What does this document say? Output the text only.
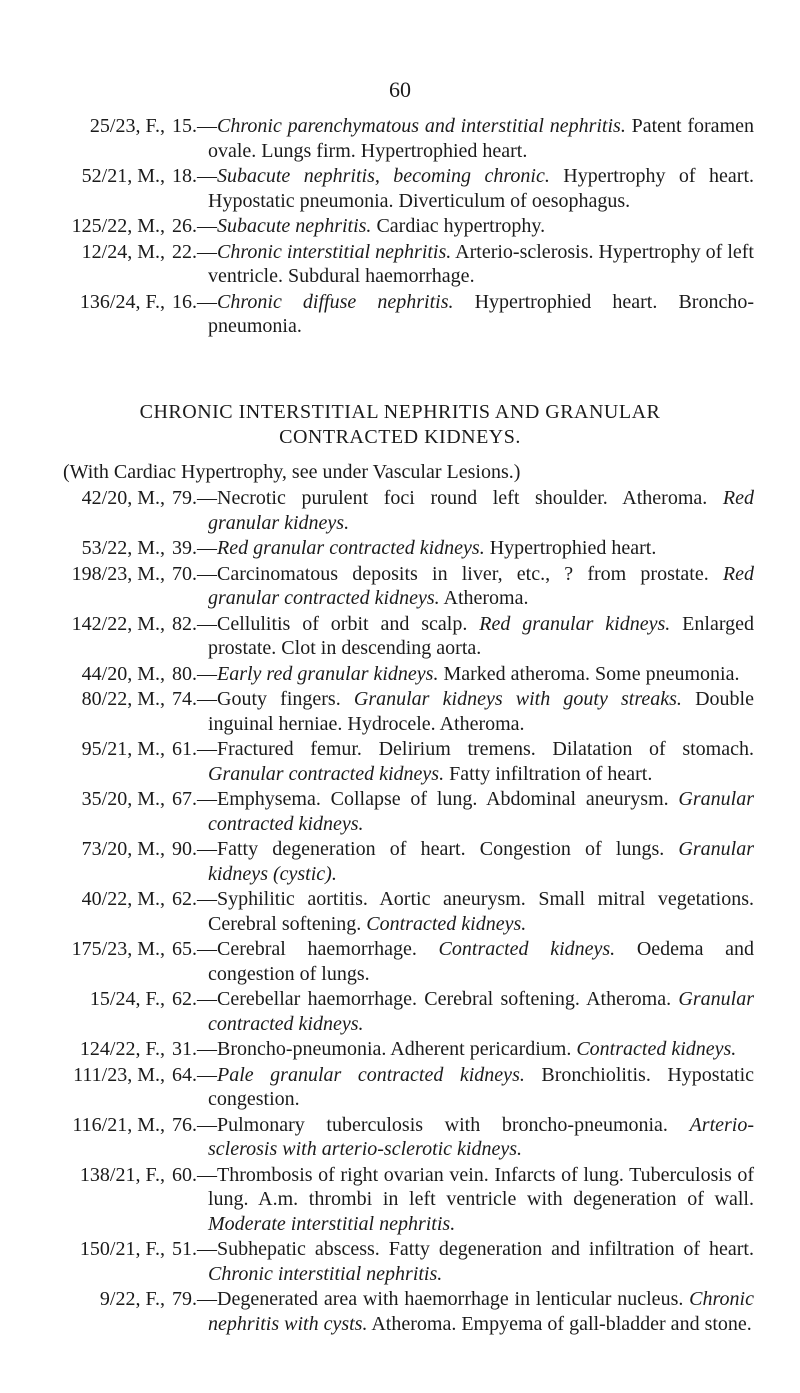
60
25/23, F., 15.—Chronic parenchymatous and interstitial nephritis. Patent foramen ovale. Lungs firm. Hypertrophied heart.
52/21, M., 18.—Subacute nephritis, becoming chronic. Hypertrophy of heart. Hypostatic pneumonia. Diverticulum of oesophagus.
125/22, M., 26.—Subacute nephritis. Cardiac hypertrophy.
12/24, M., 22.—Chronic interstitial nephritis. Arterio-sclerosis. Hypertrophy of left ventricle. Subdural haemorrhage.
136/24, F., 16.—Chronic diffuse nephritis. Hypertrophied heart. Broncho-pneumonia.

CHRONIC INTERSTITIAL NEPHRITIS AND GRANULAR

CONTRACTED KIDNEYS.

(With Cardiac Hypertrophy, see under Vascular Lesions.)
42/20, M., 79.—Necrotic purulent foci round left shoulder. Atheroma. Red granular kidneys.
53/22, M., 39.—Red granular contracted kidneys. Hypertrophied heart.
198/23, M., 70.—Carcinomatous deposits in liver, etc., ? from prostate. Red granular contracted kidneys. Atheroma.
142/22, M., 82.—Cellulitis of orbit and scalp. Red granular kidneys. Enlarged prostate. Clot in descending aorta.
44/20, M., 80.—Early red granular kidneys. Marked atheroma. Some pneumonia.
80/22, M., 74.—Gouty fingers. Granular kidneys with gouty streaks. Double inguinal herniae. Hydrocele. Atheroma.
95/21, M., 61.—Fractured femur. Delirium tremens. Dilatation of stomach. Granular contracted kidneys. Fatty infiltration of heart.
35/20, M., 67.—Emphysema. Collapse of lung. Abdominal aneurysm. Granular contracted kidneys.
73/20, M., 90.—Fatty degeneration of heart. Congestion of lungs. Granular kidneys (cystic).
40/22, M., 62.—Syphilitic aortitis. Aortic aneurysm. Small mitral vegetations. Cerebral softening. Contracted kidneys.
175/23, M., 65.—Cerebral haemorrhage. Contracted kidneys. Oedema and congestion of lungs.
15/24, F., 62.—Cerebellar haemorrhage. Cerebral softening. Atheroma. Granular contracted kidneys.
124/22, F., 31.—Broncho-pneumonia. Adherent pericardium. Contracted kidneys.
111/23, M., 64.—Pale granular contracted kidneys. Bronchiolitis. Hypostatic congestion.
116/21, M., 76.—Pulmonary tuberculosis with broncho-pneumonia. Arterio-sclerosis with arterio-sclerotic kidneys.
138/21, F., 60.—Thrombosis of right ovarian vein. Infarcts of lung. Tuberculosis of lung. A.m. thrombi in left ventricle with degeneration of wall. Moderate interstitial nephritis.
150/21, F., 51.—Subhepatic abscess. Fatty degeneration and infiltration of heart. Chronic interstitial nephritis.
9/22, F., 79.—Degenerated area with haemorrhage in lenticular nucleus. Chronic nephritis with cysts. Atheroma. Empyema of gall-bladder and stone.
